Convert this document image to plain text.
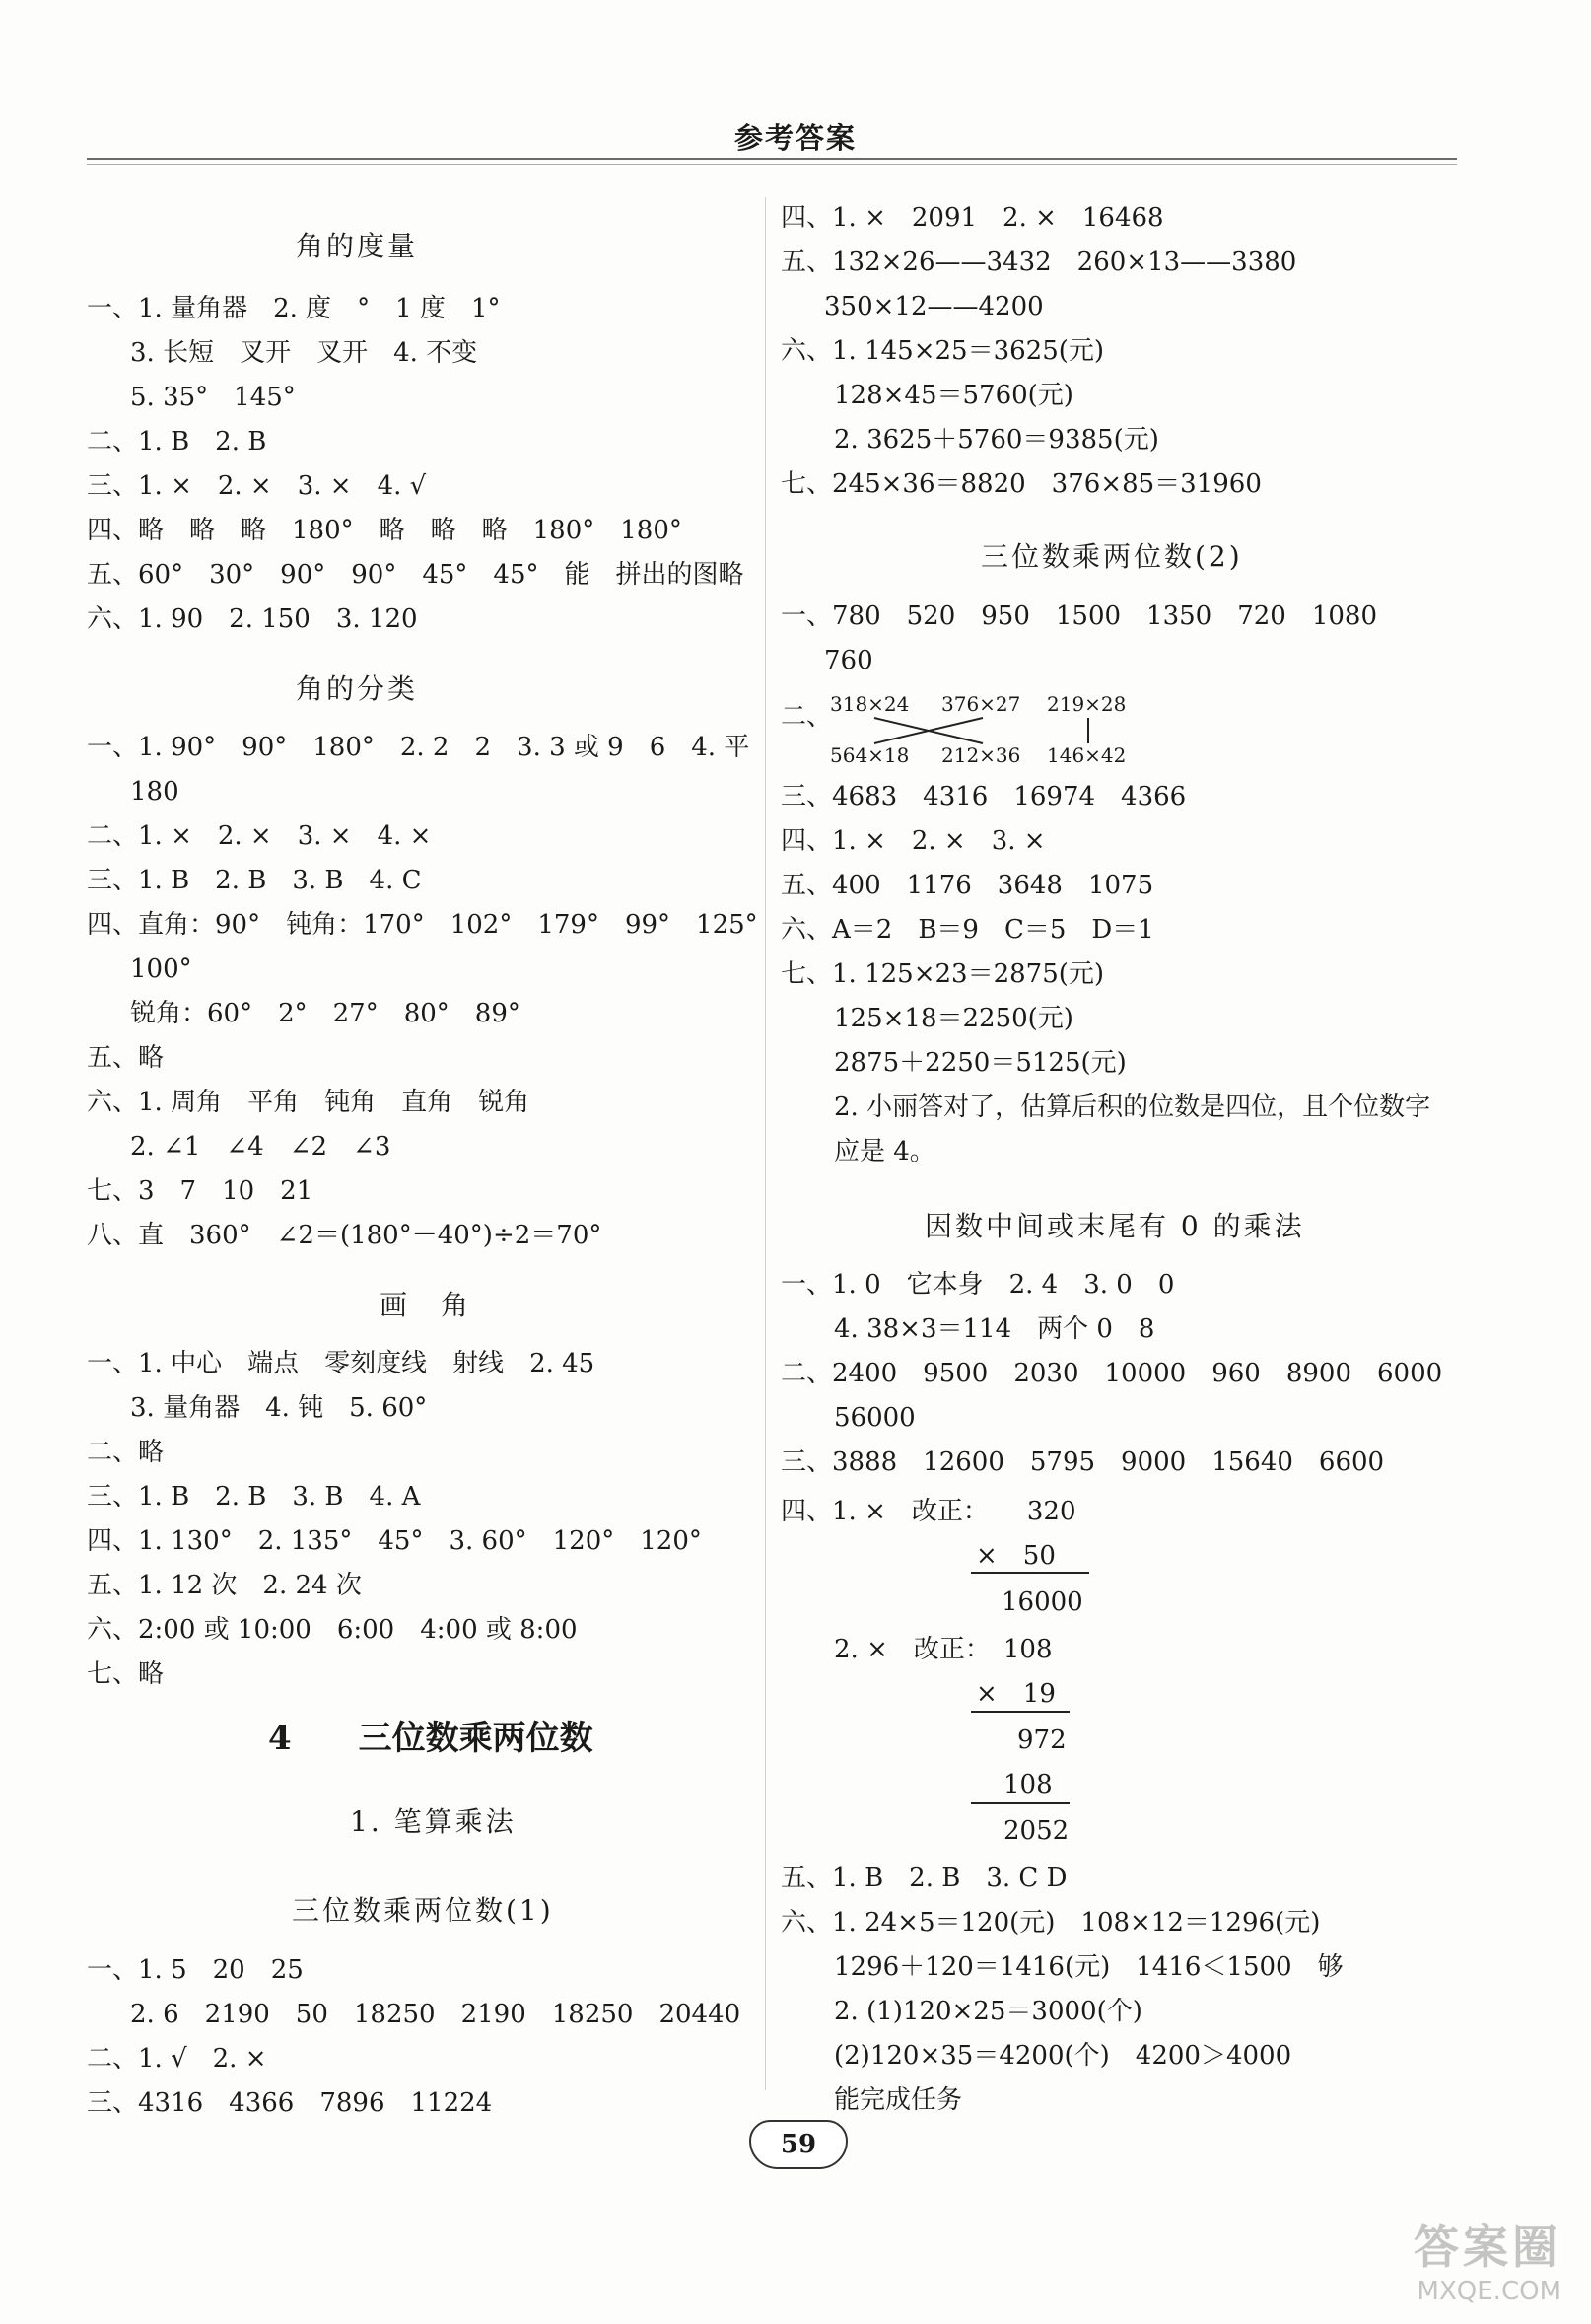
参考答案
角的度量
一、1. 量角器　2. 度　°　1 度　1°
3. 长短　叉开　叉开　4. 不变
5. 35°　145°
二、1. B　2. B
三、1. ×　2. ×　3. ×　4. √
四、略　略　略　180°　略　略　略　180°　180°
五、60°　30°　90°　90°　45°　45°　能　拼出的图略
六、1. 90　2. 150　3. 120
角的分类
一、1. 90°　90°　180°　2. 2　2　3. 3 或 9　6　4. 平
180
二、1. ×　2. ×　3. ×　4. ×
三、1. B　2. B　3. B　4. C
四、直角：90°　钝角：170°　102°　179°　99°　125°
100°
锐角：60°　2°　27°　80°　89°
五、略
六、1. 周角　平角　钝角　直角　锐角
2. ∠1　∠4　∠2　∠3
七、3　7　10　21
八、直　360°　∠2＝(180°－40°)÷2＝70°
画　角
一、1. 中心　端点　零刻度线　射线　2. 45
3. 量角器　4. 钝　5. 60°
二、略
三、1. B　2. B　3. B　4. A
四、1. 130°　2. 135°　45°　3. 60°　120°　120°
五、1. 12 次　2. 24 次
六、2:00 或 10:00　6:00　4:00 或 8:00
七、略
4　　三位数乘两位数
1. 笔算乘法
三位数乘两位数(1)
一、1. 5　20　25
2. 6　2190　50　18250　2190　18250　20440
二、1. √　2. ×
三、4316　4366　7896　11224
四、1. ×　2091　2. ×　16468
五、132×26——3432　260×13——3380
350×12——4200
六、1. 145×25＝3625(元)
128×45＝5760(元)
2. 3625＋5760＝9385(元)
七、245×36＝8820　376×85＝31960
三位数乘两位数(2)
一、780　520　950　1500　1350　720　1080
760
三、4683　4316　16974　4366
四、1. ×　2. ×　3. ×
五、400　1176　3648　1075
六、A＝2　B＝9　C＝5　D＝1
七、1. 125×23＝2875(元)
125×18＝2250(元)
2875＋2250＝5125(元)
2. 小丽答对了，估算后积的位数是四位，且个位数字
应是 4。
因数中间或末尾有 0 的乘法
一、1. 0　它本身　2. 4　3. 0　0
4. 38×3＝114　两个 0　8
二、2400　9500　2030　10000　960　8900　6000
56000
三、3888　12600　5795　9000　15640　6600
四、1. ×　改正：　　320
×　50
16000
2. ×　改正：　108
×　19
972
108
2052
五、1. B　2. B　3. C D
六、1. 24×5＝120(元)　108×12＝1296(元)
1296＋120＝1416(元)　1416＜1500　够
2. (1)120×25＝3000(个)
(2)120×35＝4200(个)　4200＞4000
能完成任务
二、
318×24 376×27 219×28
564×18 212×36 146×42
59
答案圈
MXQE.COM
